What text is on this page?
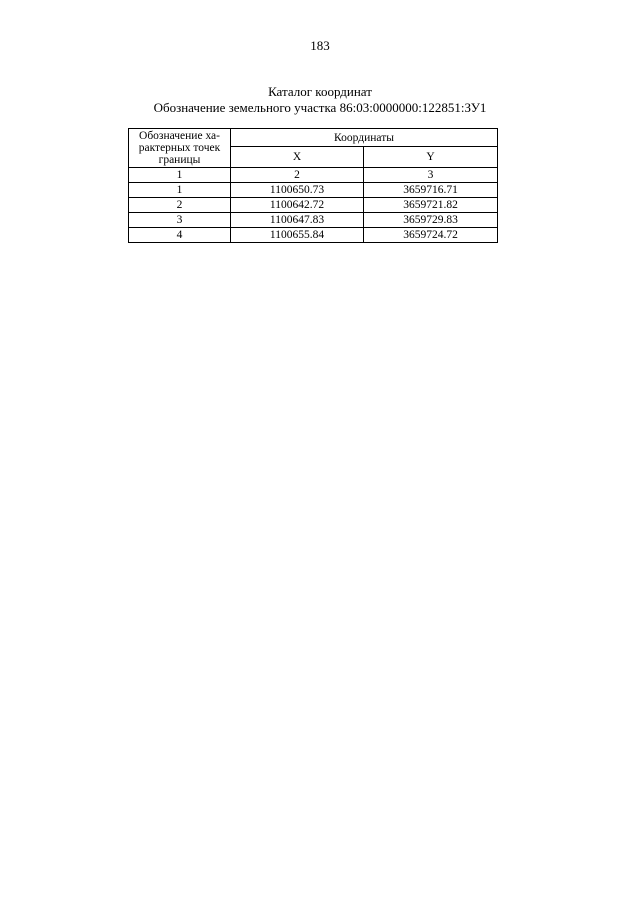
183
Каталог координат
Обозначение земельного участка 86:03:0000000:122851:ЗУ1
Обозначение ха-рактерных точек границы	Координаты	
	X	Y
1	2	3
1	1100650.73	3659716.71
2	1100642.72	3659721.82
3	1100647.83	3659729.83
4	1100655.84	3659724.72
